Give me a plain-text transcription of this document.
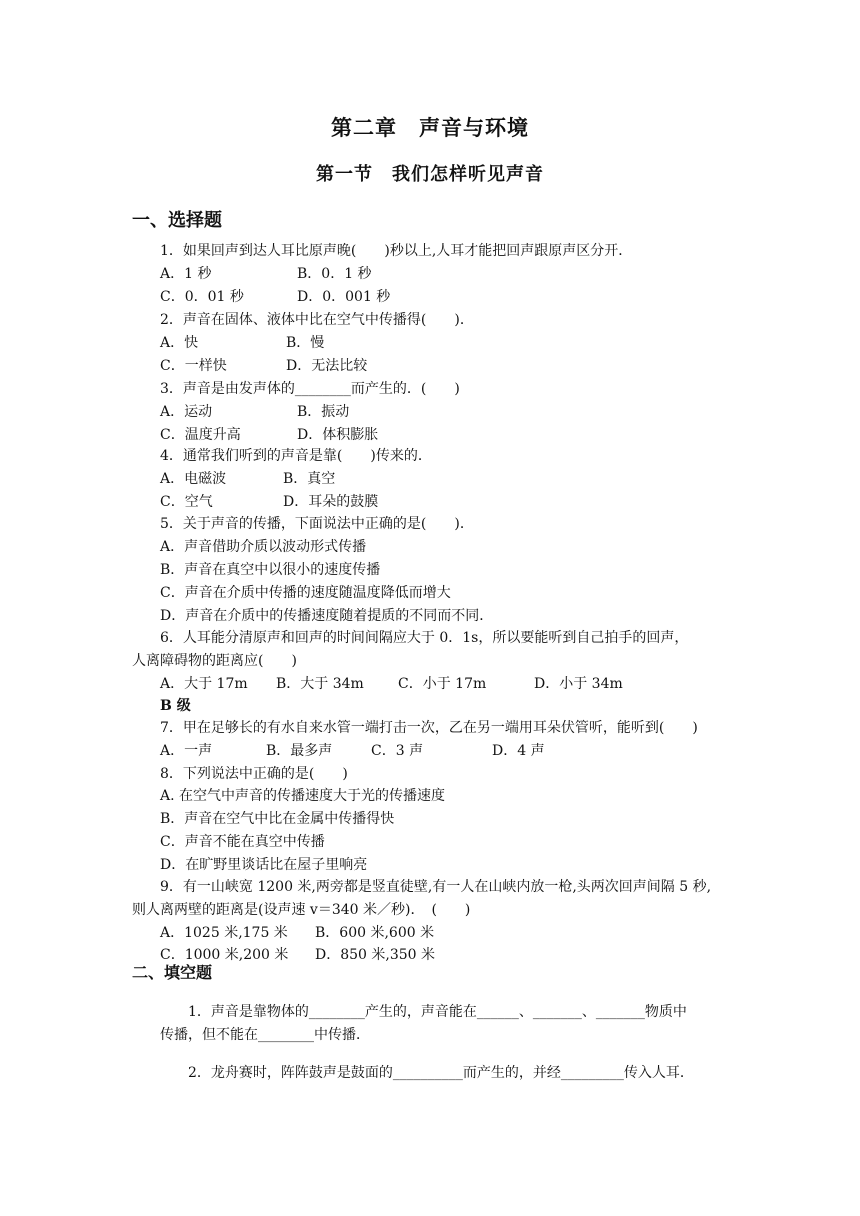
第二章　声音与环境
第一节　我们怎样听见声音
一、选择题
1．如果回声到达人耳比原声晚(　　)秒以上,人耳才能把回声跟原声区分开．
A．1 秒	B．0．1 秒
C．0．01 秒	D．0．001 秒
2．声音在固体、液体中比在空气中传播得(　　)．
A．快	B．慢
C．一样快	D．无法比较
3．声音是由发声体的________而产生的．(　　)
A．运动	B．振动
C．温度升高	D．体积膨胀
4．通常我们听到的声音是靠(　　)传来的．
A．电磁波	B．真空
C．空气	D．耳朵的鼓膜
5．关于声音的传播，下面说法中正确的是(　　)．
A．声音借助介质以波动形式传播
B．声音在真空中以很小的速度传播
C．声音在介质中传播的速度随温度降低而增大
D．声音在介质中的传播速度随着提质的不同而不同．
6．人耳能分清原声和回声的时间间隔应大于 0．1s，所以要能听到自己拍手的回声，
人离障碍物的距离应(　　)
A．大于 17m B．大于 34m C．小于 17m	D．小于 34m
B 级
7．甲在足够长的有水自来水管一端打击一次，乙在另一端用耳朵伏管听，能听到(　　)
A．一声	B．最多声	C．3 声	D．4 声
8．下列说法中正确的是(　　)
A. 在空气中声音的传播速度大于光的传播速度
B．声音在空气中比在金属中传播得快
C．声音不能在真空中传播
D．在旷野里谈话比在屋子里响亮
9．有一山峡宽 1200 米,两旁都是竖直徒壁,有一人在山峡内放一枪,头两次回声间隔 5 秒,
则人离两壁的距离是(设声速 v＝340 米／秒)．　(　　)
A．1025 米,175 米 B．600 米,600 米
C．1000 米,200 米 D．850 米,350 米
二、填空题
1．声音是靠物体的________产生的，声音能在______、_______、_______物质中
传播，但不能在________中传播．
2．龙舟赛时，阵阵鼓声是鼓面的__________而产生的，并经_________传入人耳．
